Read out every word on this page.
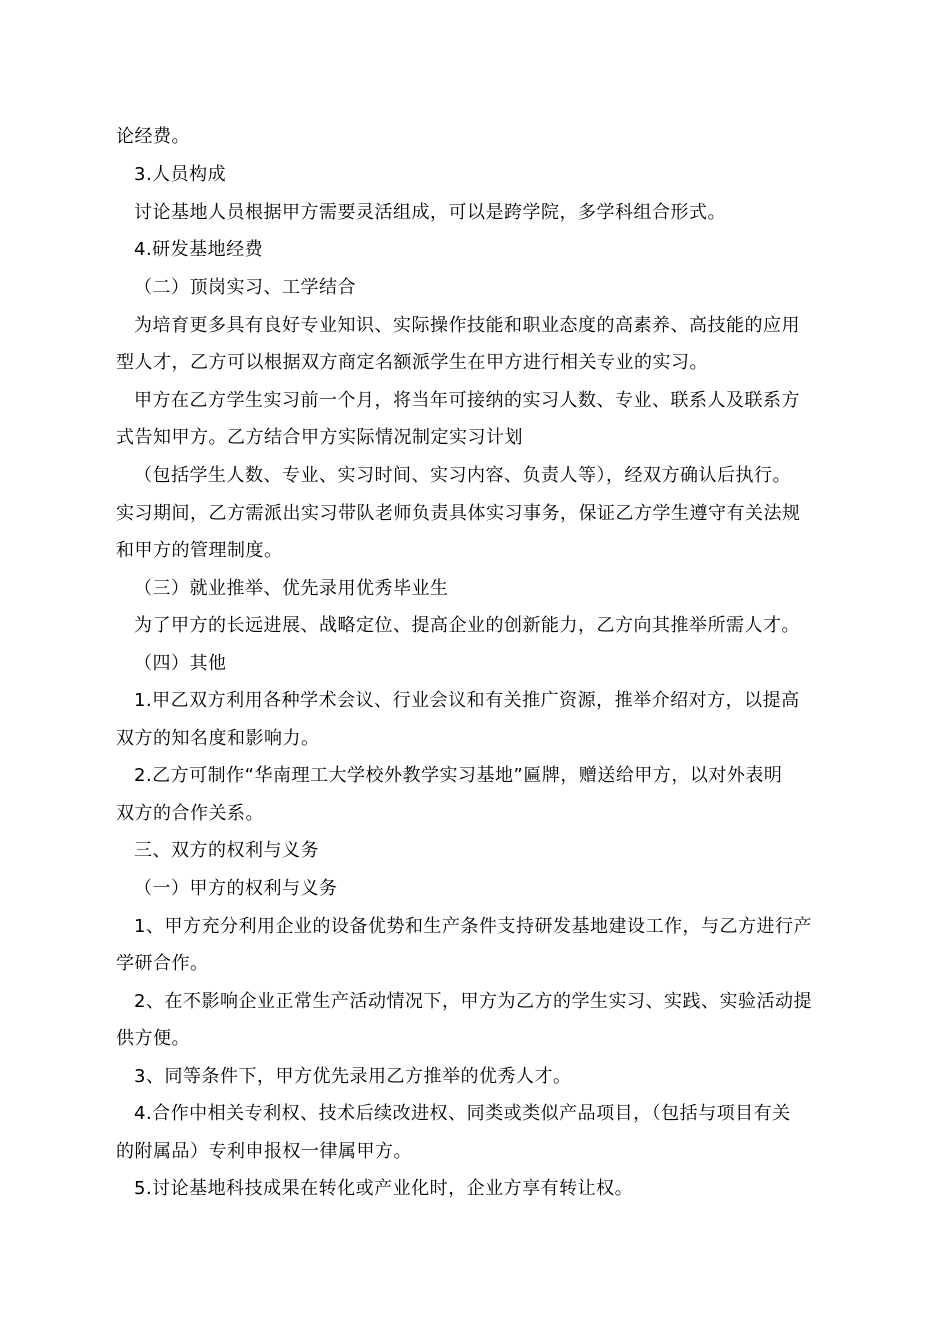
论经费。
3.人员构成
讨论基地人员根据甲方需要灵活组成，可以是跨学院，多学科组合形式。
4.研发基地经费
（二）顶岗实习、工学结合
为培育更多具有良好专业知识、实际操作技能和职业态度的高素养、高技能的应用
型人才，乙方可以根据双方商定名额派学生在甲方进行相关专业的实习。
甲方在乙方学生实习前一个月，将当年可接纳的实习人数、专业、联系人及联系方
式告知甲方。乙方结合甲方实际情况制定实习计划
（包括学生人数、专业、实习时间、实习内容、负责人等），经双方确认后执行。
实习期间，乙方需派出实习带队老师负责具体实习事务，保证乙方学生遵守有关法规
和甲方的管理制度。
（三）就业推举、优先录用优秀毕业生
为了甲方的长远进展、战略定位、提高企业的创新能力，乙方向其推举所需人才。
（四）其他
1.甲乙双方利用各种学术会议、行业会议和有关推广资源，推举介绍对方，以提高
双方的知名度和影响力。
2.乙方可制作“华南理工大学校外教学实习基地”匾牌，赠送给甲方，以对外表明
双方的合作关系。
三、双方的权利与义务
（一）甲方的权利与义务
1、甲方充分利用企业的设备优势和生产条件支持研发基地建设工作，与乙方进行产
学研合作。
2、在不影响企业正常生产活动情况下，甲方为乙方的学生实习、实践、实验活动提
供方便。
3、同等条件下，甲方优先录用乙方推举的优秀人才。
4.合作中相关专利权、技术后续改进权、同类或类似产品项目，（包括与项目有关
的附属品）专利申报权一律属甲方。
5.讨论基地科技成果在转化或产业化时，企业方享有转让权。
